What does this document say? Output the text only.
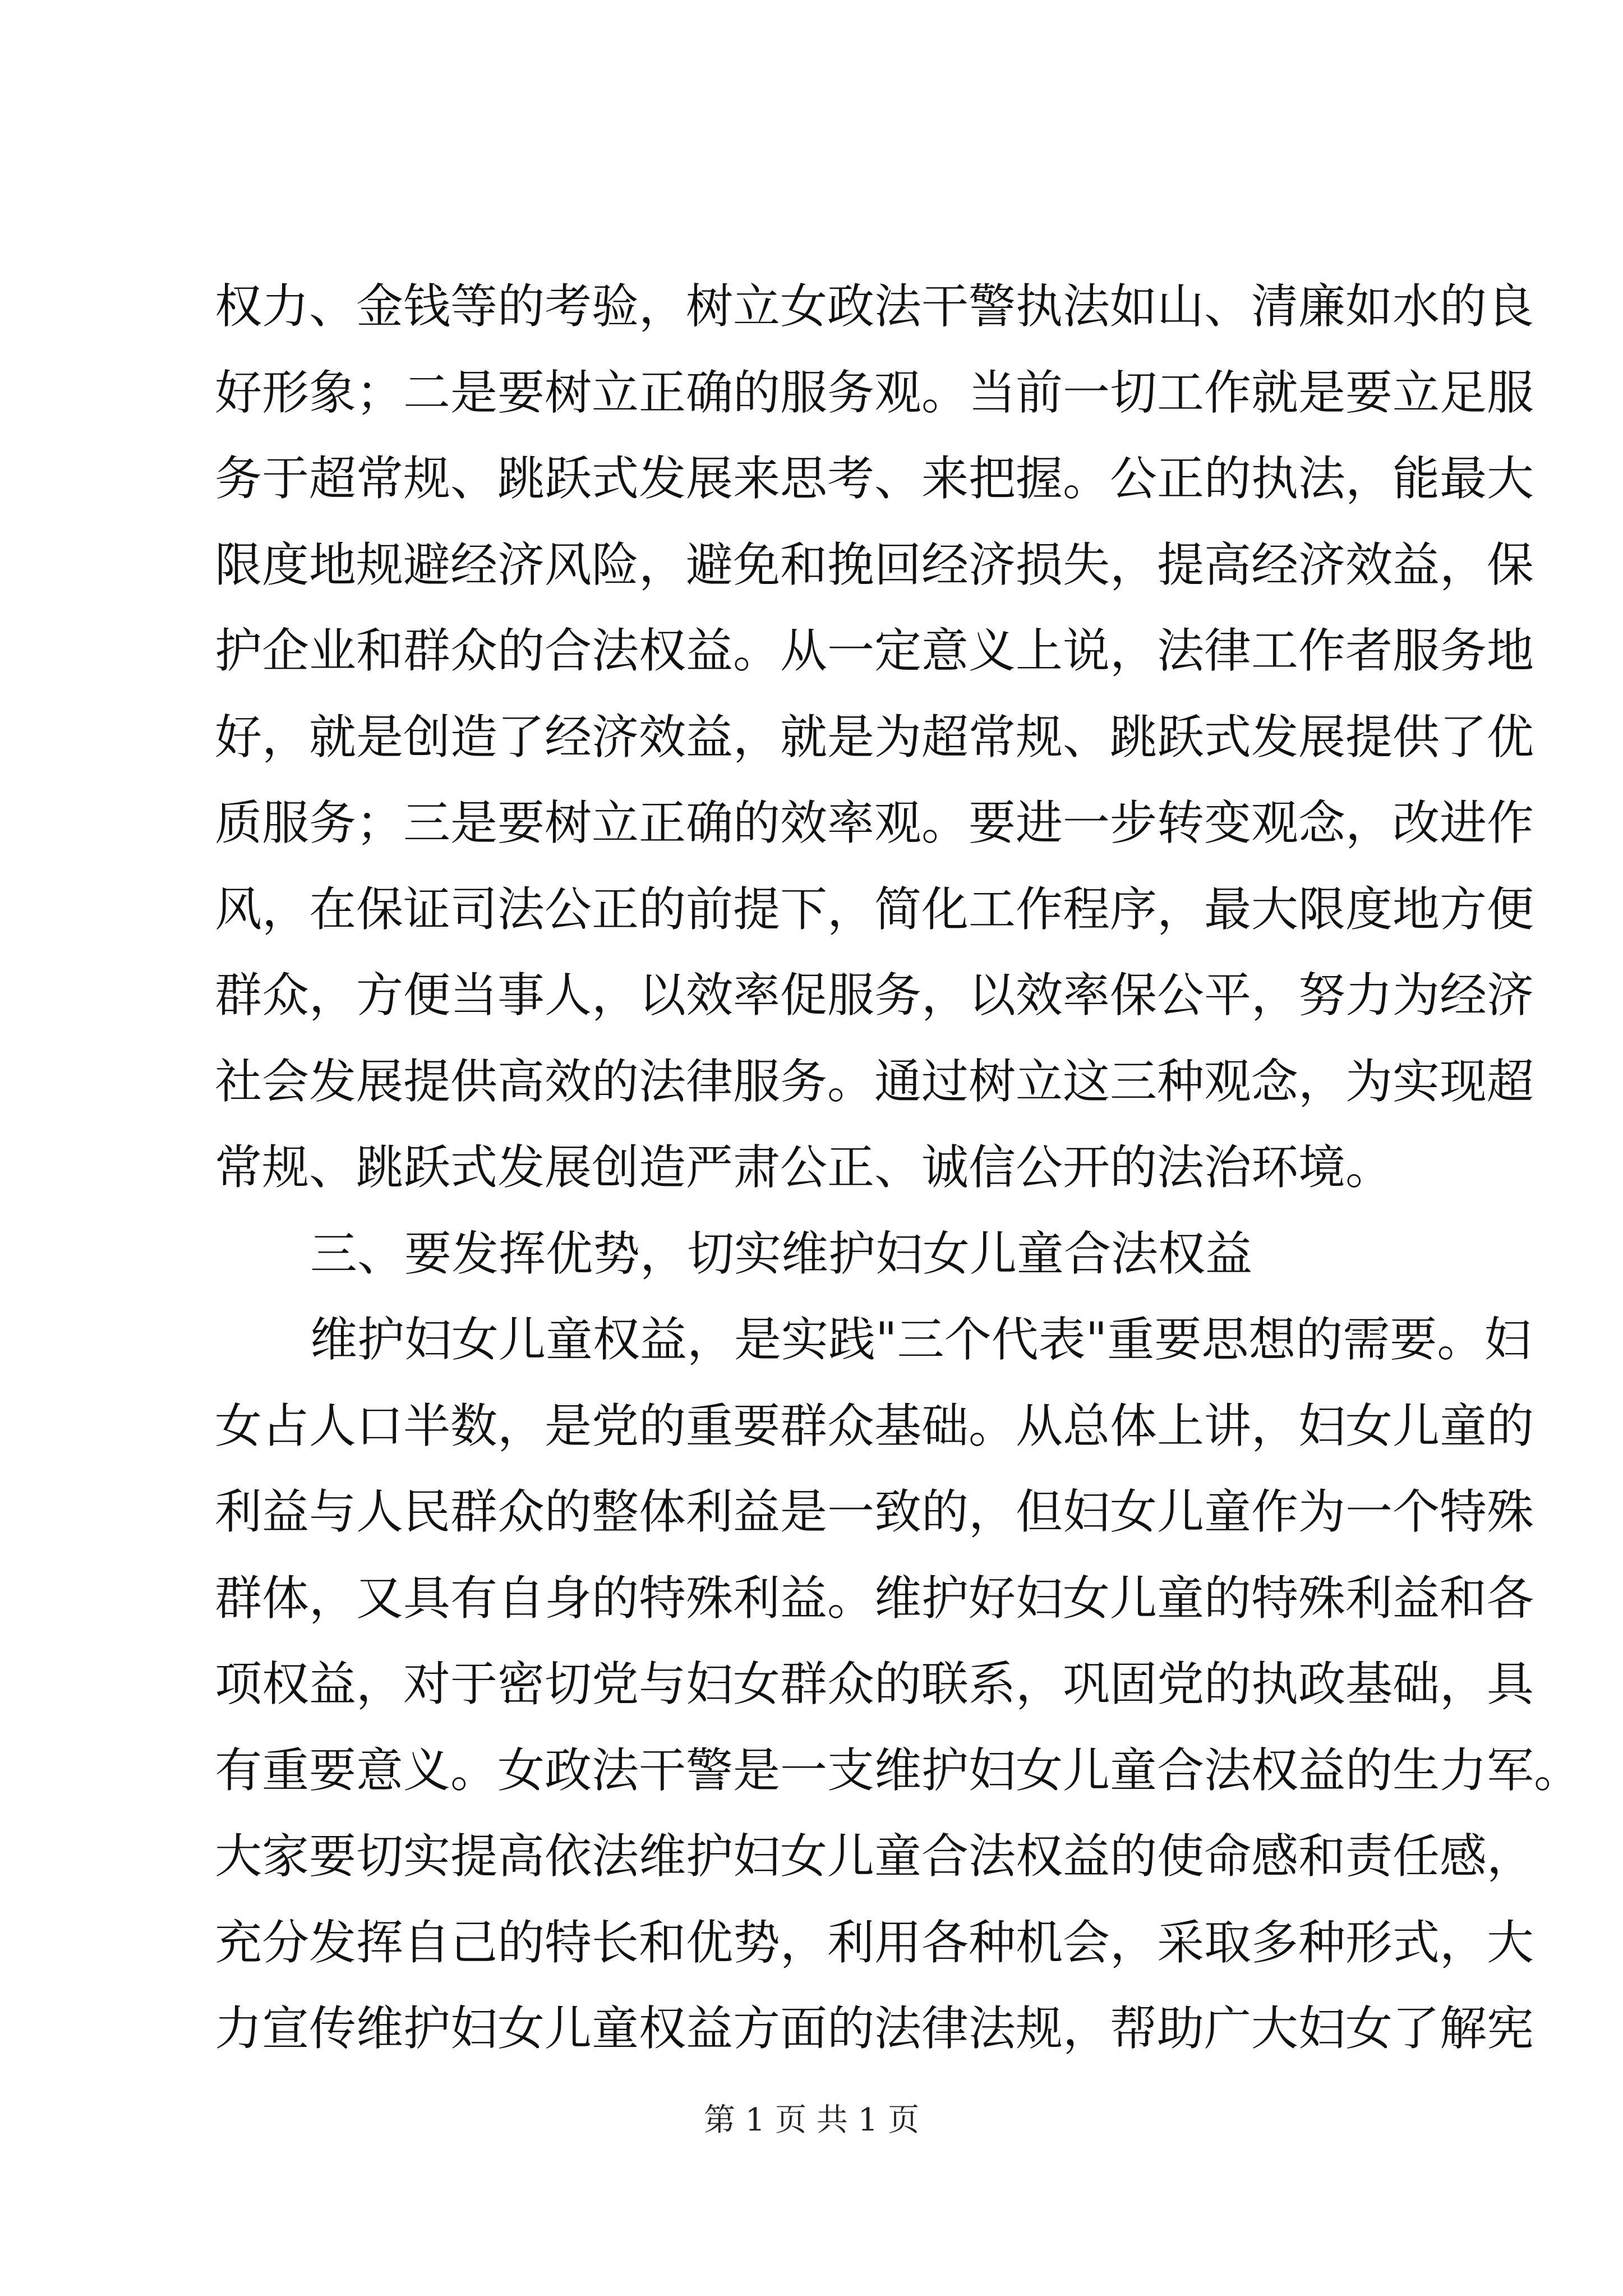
权力、金钱等的考验，树立女政法干警执法如山、清廉如水的良
好形象；二是要树立正确的服务观。当前一切工作就是要立足服
务于超常规、跳跃式发展来思考、来把握。公正的执法，能最大
限度地规避经济风险，避免和挽回经济损失，提高经济效益，保
护企业和群众的合法权益。从一定意义上说，法律工作者服务地
好，就是创造了经济效益，就是为超常规、跳跃式发展提供了优
质服务；三是要树立正确的效率观。要进一步转变观念，改进作
风，在保证司法公正的前提下，简化工作程序，最大限度地方便
群众，方便当事人，以效率促服务，以效率保公平，努力为经济
社会发展提供高效的法律服务。通过树立这三种观念，为实现超
常规、跳跃式发展创造严肃公正、诚信公开的法治环境。
三、要发挥优势，切实维护妇女儿童合法权益
维护妇女儿童权益，是实践"三个代表"重要思想的需要。妇
女占人口半数，是党的重要群众基础。从总体上讲，妇女儿童的
利益与人民群众的整体利益是一致的，但妇女儿童作为一个特殊
群体，又具有自身的特殊利益。维护好妇女儿童的特殊利益和各
项权益，对于密切党与妇女群众的联系，巩固党的执政基础，具
有重要意义。女政法干警是一支维护妇女儿童合法权益的生力军。
大家要切实提高依法维护妇女儿童合法权益的使命感和责任感，
充分发挥自己的特长和优势，利用各种机会，采取多种形式，大
力宣传维护妇女儿童权益方面的法律法规，帮助广大妇女了解宪
第 1 页 共 1 页
